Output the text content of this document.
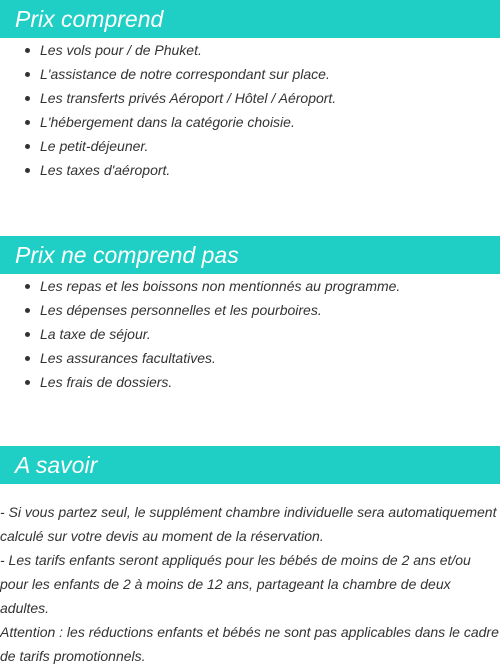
Prix comprend
Les vols pour / de Phuket.
L'assistance de notre correspondant sur place.
Les transferts privés Aéroport / Hôtel / Aéroport.
L'hébergement dans la catégorie choisie.
Le petit-déjeuner.
Les taxes d'aéroport.
Prix ne comprend pas
Les repas et les boissons non mentionnés au programme.
Les dépenses personnelles et les pourboires.
La taxe de séjour.
Les assurances facultatives.
Les frais de dossiers.
A savoir

- Si vous partez seul, le supplément chambre individuelle sera automatiquement calculé sur votre devis au moment de la réservation.

- Les tarifs enfants seront appliqués pour les bébés de moins de 2 ans et/ou pour les enfants de 2 à moins de 12 ans, partageant la chambre de deux adultes.

Attention : les réductions enfants et bébés ne sont pas applicables dans le cadre de tarifs promotionnels.
